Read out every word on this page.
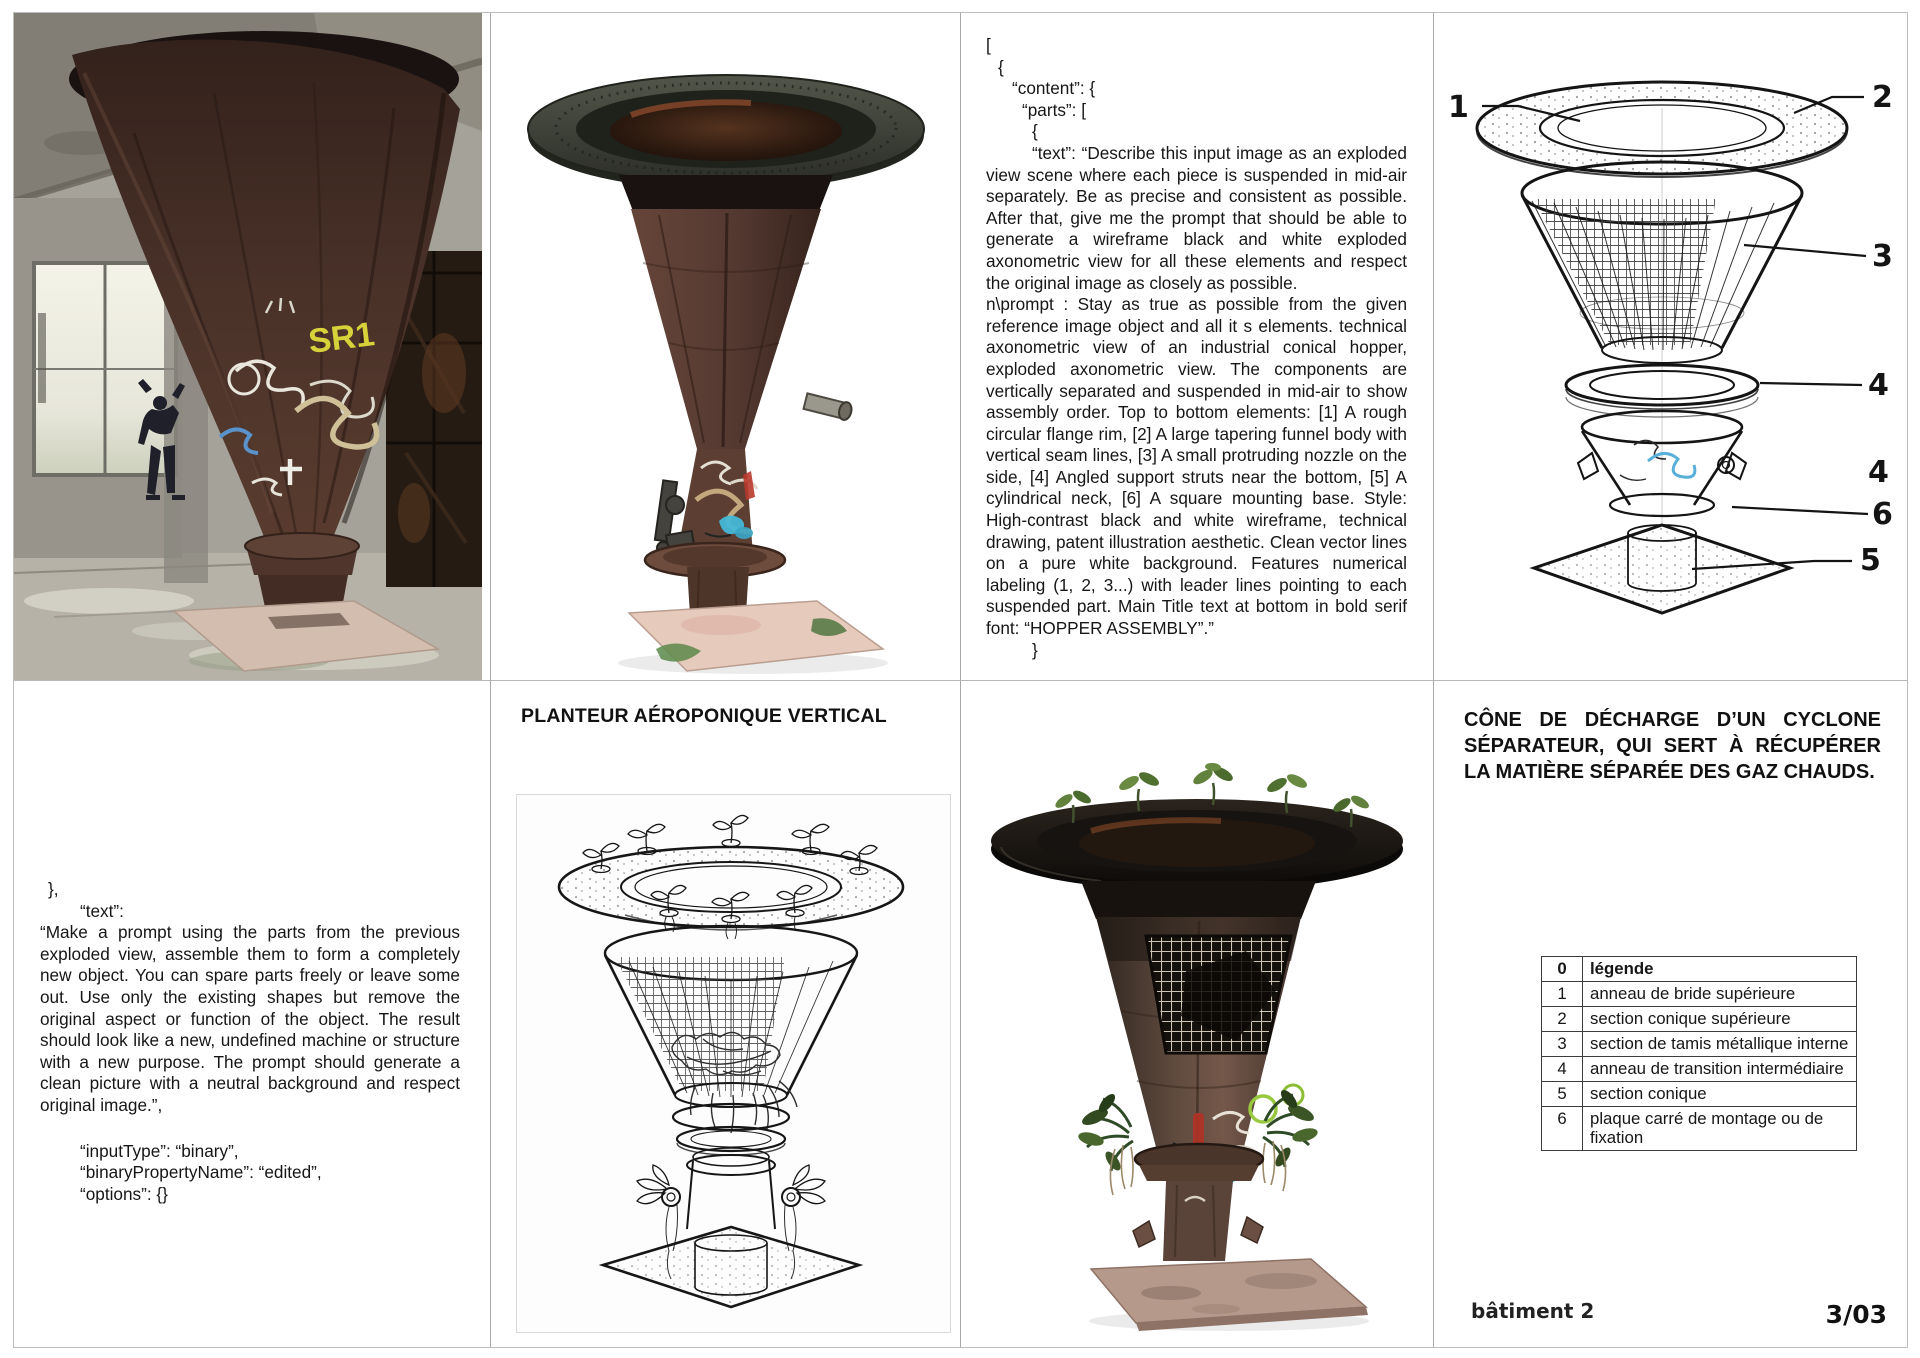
SR1
[
{
“content”: {
“parts”: [
{

“text”: “Describe this input image as an exploded view scene where each piece is suspended in mid-air separately. Be as precise and consistent as possible. After that, give me the prompt that should be able to generate a wireframe black and white exploded axonometric view for all these elements and respect the original image as closely as possible.

n\prompt : Stay as true as possible from the given reference image object and all it s elements. technical axonometric view of an industrial conical hopper, exploded axonometric view. The components are vertically separated and suspended in mid-air to show assembly order. Top to bottom elements: [1] A rough circular flange rim, [2] A large tapering funnel body with vertical seam lines, [3] A small protruding nozzle on the side, [4] Angled support struts near the bottom, [5] A cylindrical neck, [6] A square mounting base. Style: High-contrast black and white wireframe, technical drawing, patent illustration aesthetic. Clean vector lines on a pure white background. Features numerical labeling (1, 2, 3...) with leader lines pointing to each suspended part. Main Title text at bottom in bold serif font: “HOPPER ASSEMBLY”.”

}
1	2
3
4
4
6
5
},
“text”:

“Make a prompt using the parts from the previous exploded view, assemble them to form a completely new object. You can spare parts freely or leave some out. Use only the existing shapes but remove the original aspect or function of the object. The result should look like a new, undefined machine or structure with a new purpose. The prompt should generate a clean picture with a neutral background and respect original image.”,

“inputType”: “binary”,
“binaryPropertyName”: “edited”,
“options”: {}
PLANTEUR AÉROPONIQUE VERTICAL	CÔNE DE DÉCHARGE D’UN CYCLONE SÉPARATEUR, QUI SERT À RÉCUPÉRER LA MATIÈRE SÉPARÉE DES GAZ CHAUDS.
0	légende
1	anneau de bride supérieure
2	section conique supérieure
3	section de tamis métallique interne
4	anneau de transition intermédiaire
5	section conique
6	plaque carré de montage ou de fixation
bâtiment 2	3/03
